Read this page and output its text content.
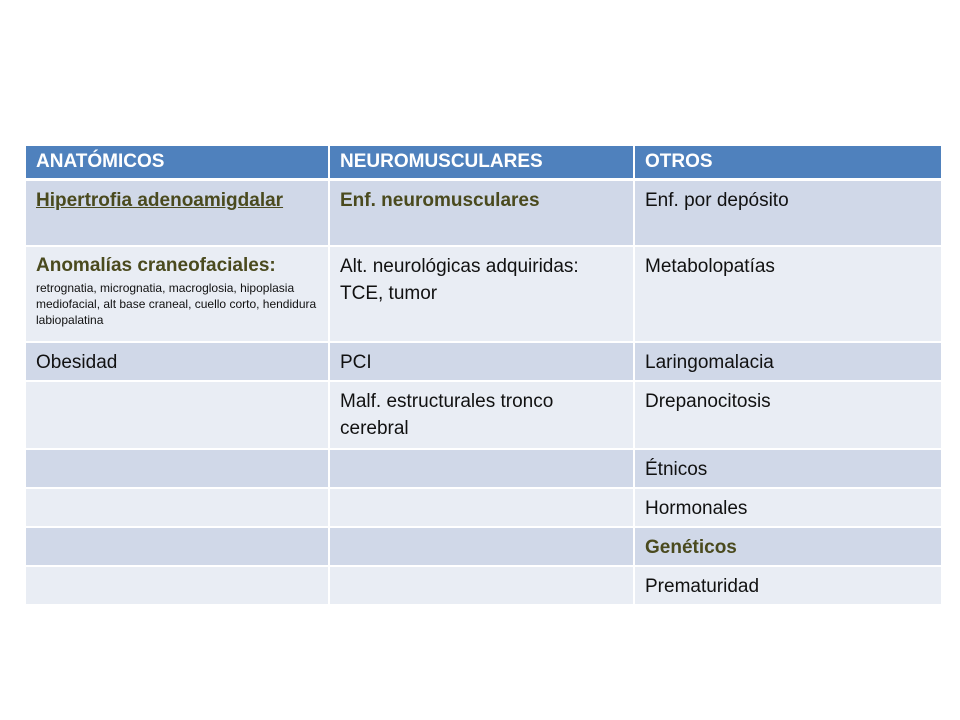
ANATÓMICOS	NEUROMUSCULARES	OTROS
Hipertrofia adenoamigdalar	Enf. neuromusculares	Enf. por depósito

Anomalías craneofaciales:
retrognatia, micrognatia, macroglosia, hipoplasia mediofacial, alt base craneal, cuello corto, hendidura labiopalatina	Alt. neurológicas adquiridas: TCE, tumor	Metabolopatías
Obesidad	PCI	Laringomalacia
	Malf. estructurales tronco cerebral	Drepanocitosis
		Étnicos
		Hormonales
		Genéticos
		Prematuridad
